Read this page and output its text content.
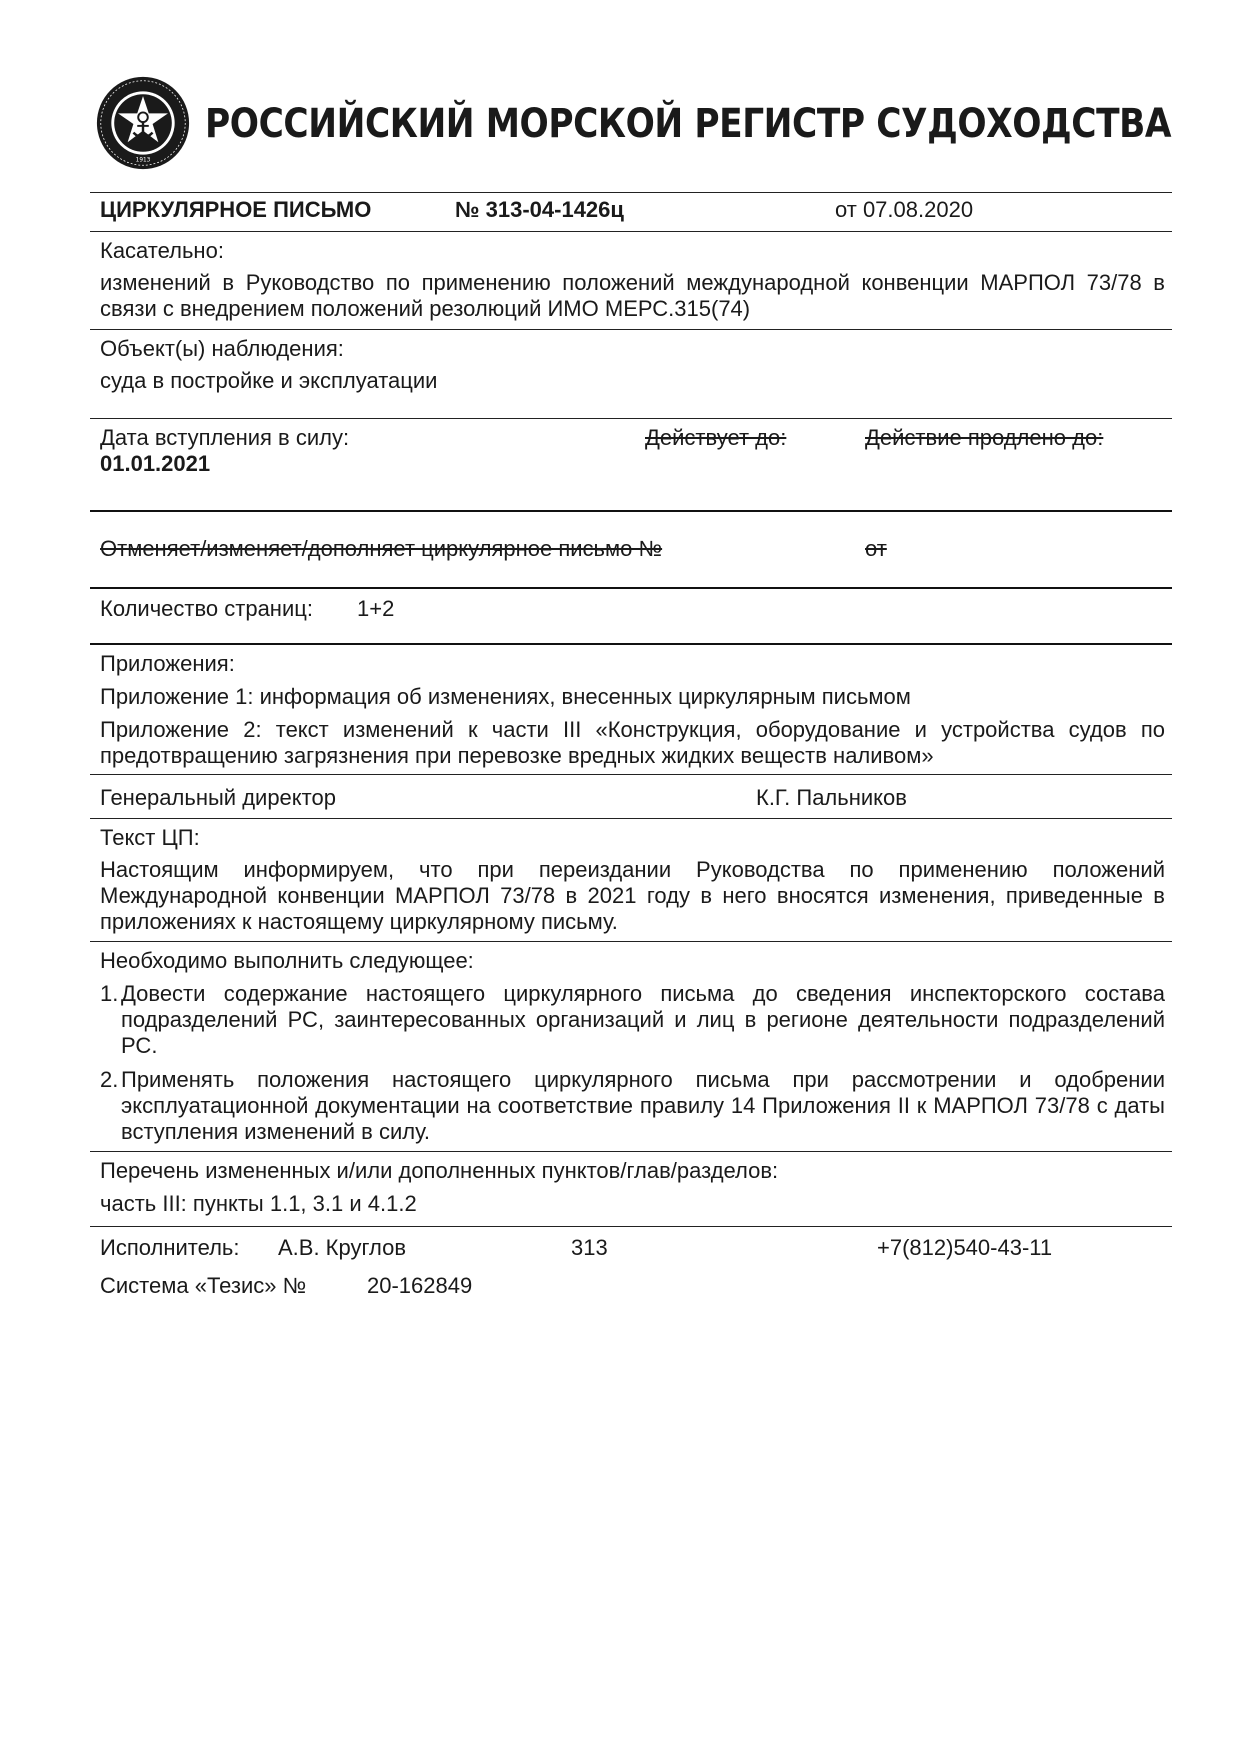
1913
РОССИЙСКИЙ МОРСКОЙ РЕГИСТР СУДОХОДСТВА
ЦИРКУЛЯРНОЕ ПИСЬМО	№ 313-04-1426ц	от 07.08.2020
Касательно:
изменений в Руководство по применению положений международной конвенции МАРПОЛ 73/78 в связи с внедрением положений резолюций ИМО МЕРС.315(74)
Объект(ы) наблюдения:
суда в постройке и эксплуатации
Дата вступления в силу:
01.01.2021
Действует до:	Действие продлено до:
Отменяет/изменяет/дополняет циркулярное письмо №	от
Количество страниц: 1+2
Приложения:
Приложение 1: информация об изменениях, внесенных циркулярным письмом
Приложение 2: текст изменений к части III «Конструкция, оборудование и устройства судов по предотвращению загрязнения при перевозке вредных жидких веществ наливом»
Генеральный директор	К.Г. Пальников
Текст ЦП:
Настоящим информируем, что при переиздании Руководства по применению положений Международной конвенции МАРПОЛ 73/78 в 2021 году в него вносятся изменения, приведенные в приложениях к настоящему циркулярному письму.
Необходимо выполнить следующее:
1. Довести содержание настоящего циркулярного письма до сведения инспекторского состава подразделений РС, заинтересованных организаций и лиц в регионе деятельности подразделений РС.
2. Применять положения настоящего циркулярного письма при рассмотрении и одобрении эксплуатационной документации на соответствие правилу 14 Приложения II к МАРПОЛ 73/78 с даты вступления изменений в силу.
Перечень измененных и/или дополненных пунктов/глав/разделов:
часть III: пункты 1.1, 3.1 и 4.1.2
Исполнитель: А.В. Круглов	313	+7(812)540-43-11
Система «Тезис» №	20-162849
